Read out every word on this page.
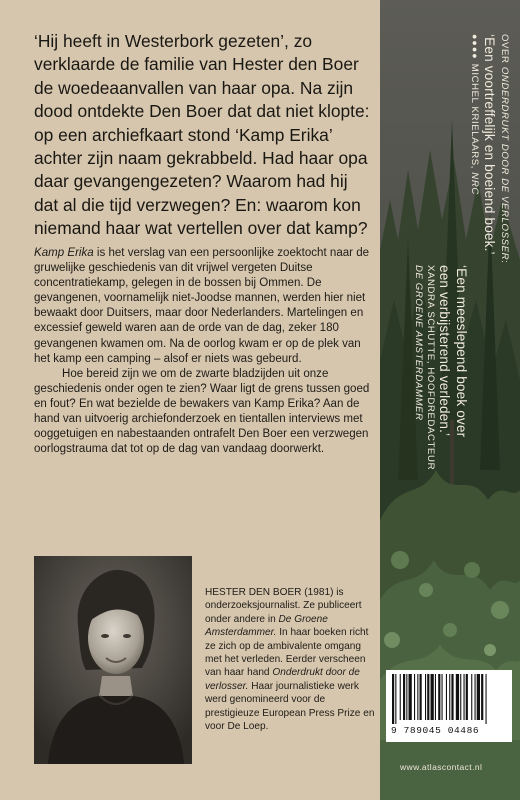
‘Hij heeft in Westerbork gezeten’, zo verklaarde de familie van Hester den Boer de woedeaanvallen van haar opa. Na zijn dood ontdekte Den Boer dat dat niet klopte: op een archiefkaart stond ‘Kamp Erika’ achter zijn naam gekrabbeld. Had haar opa daar gevangengezeten? Waarom had hij dat al die tijd verzwegen? En: waarom kon niemand haar wat vertellen over dat kamp?

Kamp Erika is het verslag van een persoonlijke zoektocht naar de gruwelijke geschiedenis van dit vrijwel vergeten Duitse concentratiekamp, gelegen in de bossen bij Ommen. De gevangenen, voornamelijk niet-Joodse mannen, werden hier niet bewaakt door Duitsers, maar door Nederlanders. Martelingen en excessief geweld waren aan de orde van de dag, zeker 180 gevangenen kwamen om. Na de oorlog kwam er op de plek van het kamp een camping – alsof er niets was gebeurd.

Hoe bereid zijn we om de zwarte bladzijden uit onze geschiedenis onder ogen te zien? Waar ligt de grens tussen goed en fout? En wat bezielde de bewakers van Kamp Erika? Aan de hand van uitvoerig archiefonderzoek en tientallen interviews met ooggetuigen en nabestaanden ontrafelt Den Boer een verzwegen oorlogstrauma dat tot op de dag van vandaag doorwerkt.

HESTER DEN BOER (1981) is onderzoeksjournalist. Ze publiceert onder andere in De Groene Amsterdammer. In haar boeken richt ze zich op de ambivalente omgang met het verleden. Eerder verscheen van haar hand Onderdrukt door de verlosser. Haar journalistieke werk werd genomineerd voor de prestigieuze European Press Prize en voor De Loep.
OVER ONDERDRUKT DOOR DE VERLOSSER:
‘Een voortreffelijk en boeiend boek.’
●●●●MICHEL KRIELAARS, NRC
‘Een meeslepend boek over
een verbijsterend verleden.’
XANDRA SCHUTTE, HOOFDREDACTEUR
DE GROENE AMSTERDAMMER
9 789045 04486
www.atlascontact.nl
